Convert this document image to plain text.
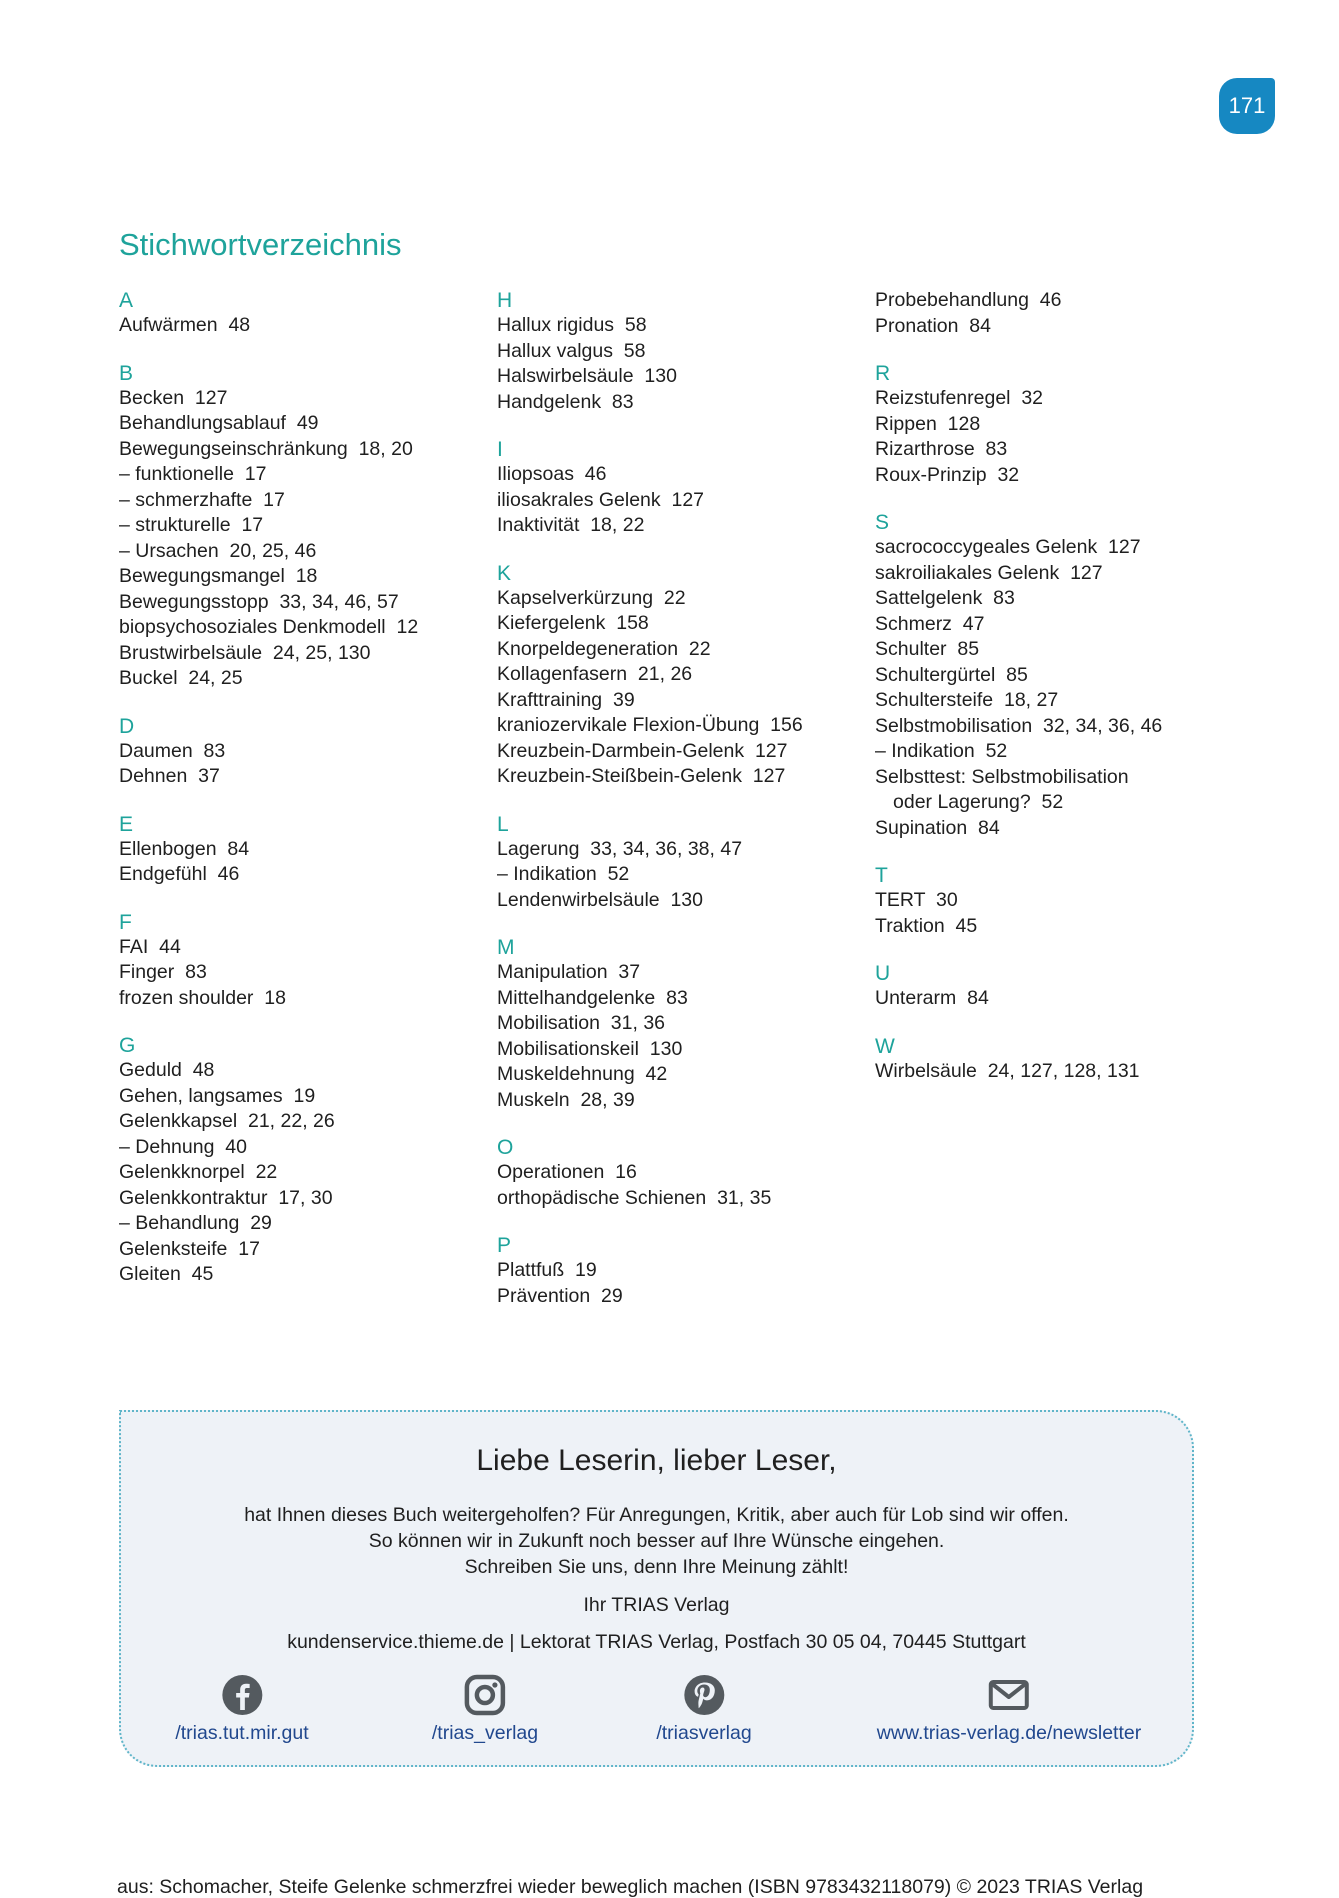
171
Stichwortverzeichnis
A
Aufwärmen  48
B
Becken  127
Behandlungsablauf  49
Bewegungseinschränkung  18, 20
– funktionelle  17
– schmerzhafte  17
– strukturelle  17
– Ursachen  20, 25, 46
Bewegungsmangel  18
Bewegungsstopp  33, 34, 46, 57
biopsychosoziales Denkmodell  12
Brustwirbelsäule  24, 25, 130
Buckel  24, 25
D
Daumen  83
Dehnen  37
E
Ellenbogen  84
Endgefühl  46
F
FAI  44
Finger  83
frozen shoulder  18
G
Geduld  48
Gehen, langsames  19
Gelenkkapsel  21, 22, 26
– Dehnung  40
Gelenkknorpel  22
Gelenkkontraktur  17, 30
– Behandlung  29
Gelenksteife  17
Gleiten  45
H
Hallux rigidus  58
Hallux valgus  58
Halswirbelsäule  130
Handgelenk  83
I
Iliopsoas  46
iliosakrales Gelenk  127
Inaktivität  18, 22
K
Kapselverkürzung  22
Kiefergelenk  158
Knorpeldegeneration  22
Kollagenfasern  21, 26
Krafttraining  39
kraniozervikale Flexion-Übung  156
Kreuzbein-Darmbein-Gelenk  127
Kreuzbein-Steißbein-Gelenk  127
L
Lagerung  33, 34, 36, 38, 47
– Indikation  52
Lendenwirbelsäule  130
M
Manipulation  37
Mittelhandgelenke  83
Mobilisation  31, 36
Mobilisationskeil  130
Muskeldehnung  42
Muskeln  28, 39
O
Operationen  16
orthopädische Schienen  31, 35
P
Plattfuß  19
Prävention  29
Probebehandlung  46
Pronation  84
R
Reizstufenregel  32
Rippen  128
Rizarthrose  83
Roux-Prinzip  32
S
sacrococcygeales Gelenk  127
sakroiliakales Gelenk  127
Sattelgelenk  83
Schmerz  47
Schulter  85
Schultergürtel  85
Schultersteife  18, 27
Selbstmobilisation  32, 34, 36, 46
– Indikation  52
Selbsttest: Selbstmobilisation
oder Lagerung?  52
Supination  84
T
TERT  30
Traktion  45
U
Unterarm  84
W
Wirbelsäule  24, 127, 128, 131
Liebe Leserin, lieber Leser,
hat Ihnen dieses Buch weitergeholfen? Für Anregungen, Kritik, aber auch für Lob sind wir offen.
So können wir in Zukunft noch besser auf Ihre Wünsche eingehen.
Schreiben Sie uns, denn Ihre Meinung zählt!
Ihr TRIAS Verlag
kundenservice.thieme.de | Lektorat TRIAS Verlag, Postfach 30 05 04, 70445 Stuttgart
/trias.tut.mir.gut	/trias_verlag	/triasverlag	www.trias-verlag.de/newsletter
aus: Schomacher, Steife Gelenke schmerzfrei wieder beweglich machen (ISBN 9783432118079) © 2023 TRIAS Verlag
